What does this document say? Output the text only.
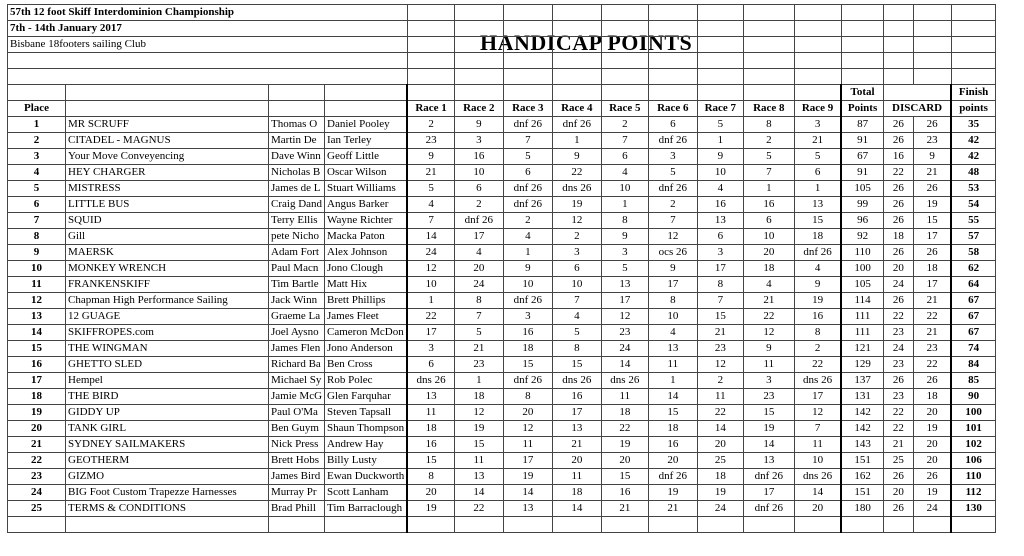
HANDICAP POINTS
57th 12 foot Skiff Interdominion Championship																
7th - 14th January 2017																
Bisbane 18footers sailing Club																

													Total			Finish
Place				Race 1	Race 2	Race 3	Race 4	Race 5	Race 6	Race 7	Race 8	Race 9	Points	DISCARD		points
1	MR SCRUFF	Thomas O	Daniel Pooley	2	9	dnf 26	dnf 26	2	6	5	8	3	87	26	26	35
2	CITADEL - MAGNUS	Martin De	Ian Terley	23	3	7	1	7	dnf 26	1	2	21	91	26	23	42
3	Your Move Conveyencing	Dave Winn	Geoff Little	9	16	5	9	6	3	9	5	5	67	16	9	42
4	HEY CHARGER	Nicholas B	Oscar Wilson	21	10	6	22	4	5	10	7	6	91	22	21	48
5	MISTRESS	James de L	Stuart Williams	5	6	dnf 26	dns 26	10	dnf 26	4	1	1	105	26	26	53
6	LITTLE BUS	Craig Dand	Angus Barker	4	2	dnf 26	19	1	2	16	16	13	99	26	19	54
7	SQUID	Terry Ellis	Wayne Richter	7	dnf 26	2	12	8	7	13	6	15	96	26	15	55
8	Gill	pete Nicho	Macka Paton	14	17	4	2	9	12	6	10	18	92	18	17	57
9	MAERSK	Adam Fort	Alex Johnson	24	4	1	3	3	ocs 26	3	20	dnf 26	110	26	26	58
10	MONKEY WRENCH	Paul Macn	Jono Clough	12	20	9	6	5	9	17	18	4	100	20	18	62
11	FRANKENSKIFF	Tim Bartle	Matt Hix	10	24	10	10	13	17	8	4	9	105	24	17	64
12	Chapman High Performance Sailing	Jack Winn	Brett Phillips	1	8	dnf 26	7	17	8	7	21	19	114	26	21	67
13	12 GUAGE	Graeme La	James Fleet	22	7	3	4	12	10	15	22	16	111	22	22	67
14	SKIFFROPES.com	Joel Aysno	Cameron McDon	17	5	16	5	23	4	21	12	8	111	23	21	67
15	THE WINGMAN	James Flen	Jono Anderson	3	21	18	8	24	13	23	9	2	121	24	23	74
16	GHETTO SLED	Richard Ba	Ben Cross	6	23	15	15	14	11	12	11	22	129	23	22	84
17	Hempel	Michael Sy	Rob Polec	dns 26	1	dnf 26	dns 26	dns 26	1	2	3	dns 26	137	26	26	85
18	THE BIRD	Jamie McG	Glen Farquhar	13	18	8	16	11	14	11	23	17	131	23	18	90
19	GIDDY UP	Paul O'Ma	Steven Tapsall	11	12	20	17	18	15	22	15	12	142	22	20	100
20	TANK GIRL	Ben Guym	Shaun Thompson	18	19	12	13	22	18	14	19	7	142	22	19	101
21	SYDNEY SAILMAKERS	Nick Press	Andrew Hay	16	15	11	21	19	16	20	14	11	143	21	20	102
22	GEOTHERM	Brett Hobs	Billy Lusty	15	11	17	20	20	20	25	13	10	151	25	20	106
23	GIZMO	James Bird	Ewan Duckworth	8	13	19	11	15	dnf 26	18	dnf 26	dns 26	162	26	26	110
24	BIG Foot Custom Trapezze Harnesses	Murray Pr	Scott Lanham	20	14	14	18	16	19	19	17	14	151	20	19	112
25	TERMS & CONDITIONS	Brad Phill	Tim Barraclough	19	22	13	14	21	21	24	dnf 26	20	180	26	24	130
